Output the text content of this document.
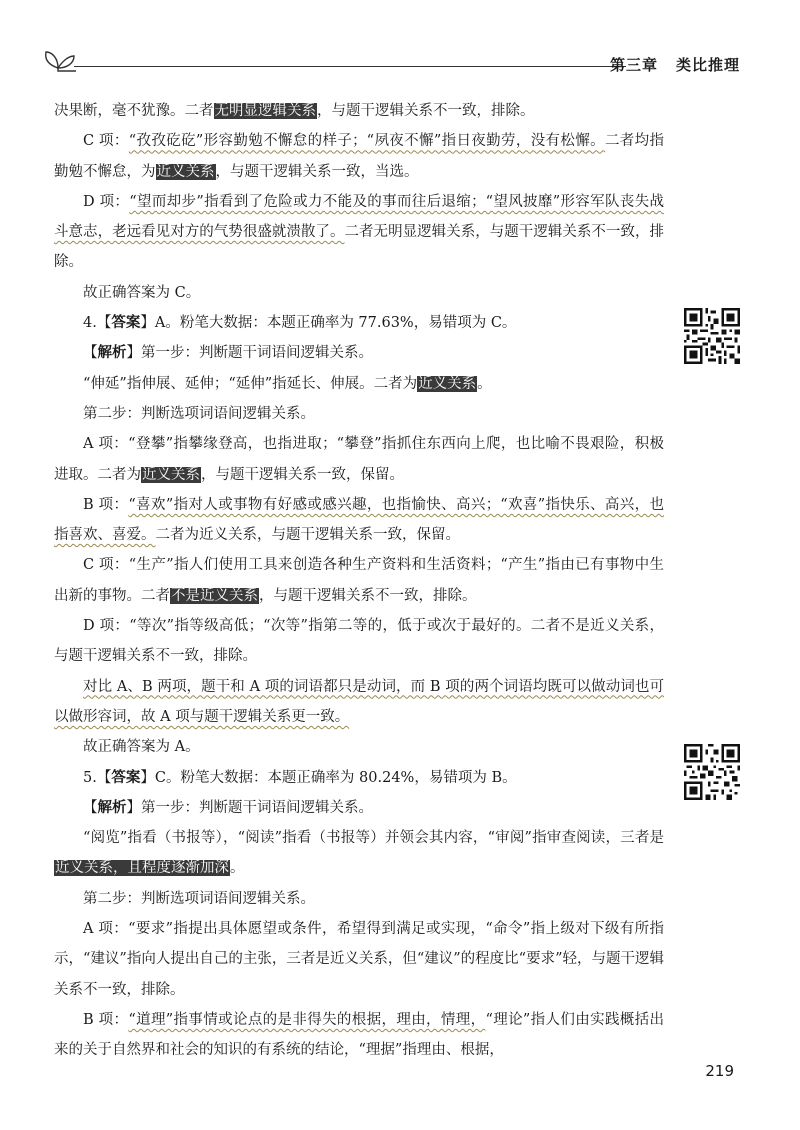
第三章 类比推理

决果断，毫不犹豫。二者无明显逻辑关系，与题干逻辑关系不一致，排除。

C 项：“孜孜矻矻”形容勤勉不懈怠的样子；“夙夜不懈”指日夜勤劳，没有松懈。二者均指勤勉不懈怠，为近义关系，与题干逻辑关系一致，当选。

D 项：“望而却步”指看到了危险或力不能及的事而往后退缩；“望风披靡”形容军队丧失战斗意志，老远看见对方的气势很盛就溃散了。二者无明显逻辑关系，与题干逻辑关系不一致，排除。

故正确答案为 C。

4.【答案】A。粉笔大数据：本题正确率为 77.63%，易错项为 C。

【解析】第一步：判断题干词语间逻辑关系。

“伸延”指伸展、延伸；“延伸”指延长、伸展。二者为近义关系。

第二步：判断选项词语间逻辑关系。

A 项：“登攀”指攀缘登高，也指进取；“攀登”指抓住东西向上爬，也比喻不畏艰险，积极进取。二者为近义关系，与题干逻辑关系一致，保留。

B 项：“喜欢”指对人或事物有好感或感兴趣，也指愉快、高兴；“欢喜”指快乐、高兴，也指喜欢、喜爱。二者为近义关系，与题干逻辑关系一致，保留。

C 项：“生产”指人们使用工具来创造各种生产资料和生活资料；“产生”指由已有事物中生出新的事物。二者不是近义关系，与题干逻辑关系不一致，排除。

D 项：“等次”指等级高低；“次等”指第二等的，低于或次于最好的。二者不是近义关系，与题干逻辑关系不一致，排除。

对比 A、B 两项，题干和 A 项的词语都只是动词，而 B 项的两个词语均既可以做动词也可以做形容词，故 A 项与题干逻辑关系更一致。

故正确答案为 A。

5.【答案】C。粉笔大数据：本题正确率为 80.24%，易错项为 B。

【解析】第一步：判断题干词语间逻辑关系。

“阅览”指看（书报等），“阅读”指看（书报等）并领会其内容，“审阅”指审查阅读，三者是近义关系，且程度逐渐加深。

第二步：判断选项词语间逻辑关系。

A 项：“要求”指提出具体愿望或条件，希望得到满足或实现，“命令”指上级对下级有所指示，“建议”指向人提出自己的主张，三者是近义关系，但“建议”的程度比“要求”轻，与题干逻辑关系不一致，排除。

B 项：“道理”指事情或论点的是非得失的根据，理由，情理，“理论”指人们由实践概括出来的关于自然界和社会的知识的有系统的结论，“理据”指理由、根据，

219
